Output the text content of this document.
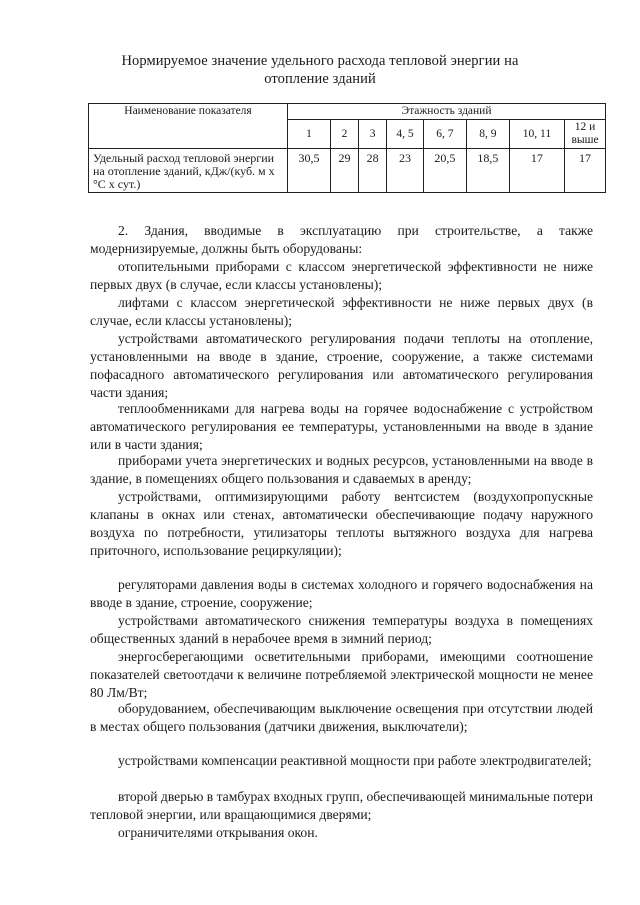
Нормируемое значение удельного расхода тепловой энергии на
отопление зданий
Наименование показателя	Этажность зданий							
	1	2	3	4, 5	6, 7	8, 9	10, 11	12 и выше
Удельный расход тепловой энергии на отопление зданий, кДж/(куб. м x °С x сут.)	30,5	29	28	23	20,5	18,5	17	17
2. Здания, вводимые в эксплуатацию при строительстве, а также модернизируемые, должны быть оборудованы:
отопительными приборами с классом энергетической эффективности не ниже первых двух (в случае, если классы установлены);
лифтами с классом энергетической эффективности не ниже первых двух (в случае, если классы установлены);
устройствами автоматического регулирования подачи теплоты на отопление, установленными на вводе в здание, строение, сооружение, а также системами пофасадного автоматического регулирования или автоматического регулирования части здания;
теплообменниками для нагрева воды на горячее водоснабжение с устройством автоматического регулирования ее температуры, установленными на вводе в здание или в части здания;
приборами учета энергетических и водных ресурсов, установленными на вводе в здание, в помещениях общего пользования и сдаваемых в аренду;
устройствами, оптимизирующими работу вентсистем (воздухопропускные клапаны в окнах или стенах, автоматически обеспечивающие подачу наружного воздуха по потребности, утилизаторы теплоты вытяжного воздуха для нагрева приточного, использование рециркуляции);
регуляторами давления воды в системах холодного и горячего водоснабжения на вводе в здание, строение, сооружение;
устройствами автоматического снижения температуры воздуха в помещениях общественных зданий в нерабочее время в зимний период;
энергосберегающими осветительными приборами, имеющими соотношение показателей светоотдачи к величине потребляемой электрической мощности не менее 80 Лм/Вт;
оборудованием, обеспечивающим выключение освещения при отсутствии людей в местах общего пользования (датчики движения, выключатели);
устройствами компенсации реактивной мощности при работе электродвигателей;
второй дверью в тамбурах входных групп, обеспечивающей минимальные потери тепловой энергии, или вращающимися дверями;
ограничителями открывания окон.
